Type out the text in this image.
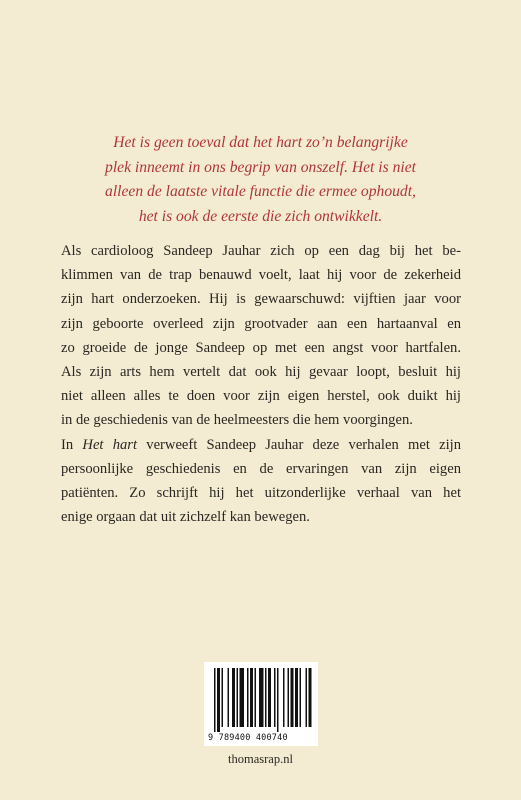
Het is geen toeval dat het hart zo’n belangrijke
plek inneemt in ons begrip van onszelf. Het is niet
alleen de laatste vitale functie die ermee ophoudt,
het is ook de eerste die zich ontwikkelt.
Als cardioloog Sandeep Jauhar zich op een dag bij het be-
klimmen van de trap benauwd voelt, laat hij voor de zekerheid
zijn hart onderzoeken. Hij is gewaarschuwd: vijftien jaar voor
zijn geboorte overleed zijn grootvader aan een hartaanval en
zo groeide de jonge Sandeep op met een angst voor hartfalen.
Als zijn arts hem vertelt dat ook hij gevaar loopt, besluit hij
niet alleen alles te doen voor zijn eigen herstel, ook duikt hij
in de geschiedenis van de heelmeesters die hem voorgingen.
In Het hart verweeft Sandeep Jauhar deze verhalen met zijn
persoonlijke geschiedenis en de ervaringen van zijn eigen
patiënten. Zo schrijft hij het uitzonderlijke verhaal van het
enige orgaan dat uit zichzelf kan bewegen.
9 789400 400740
thomasrap.nl
